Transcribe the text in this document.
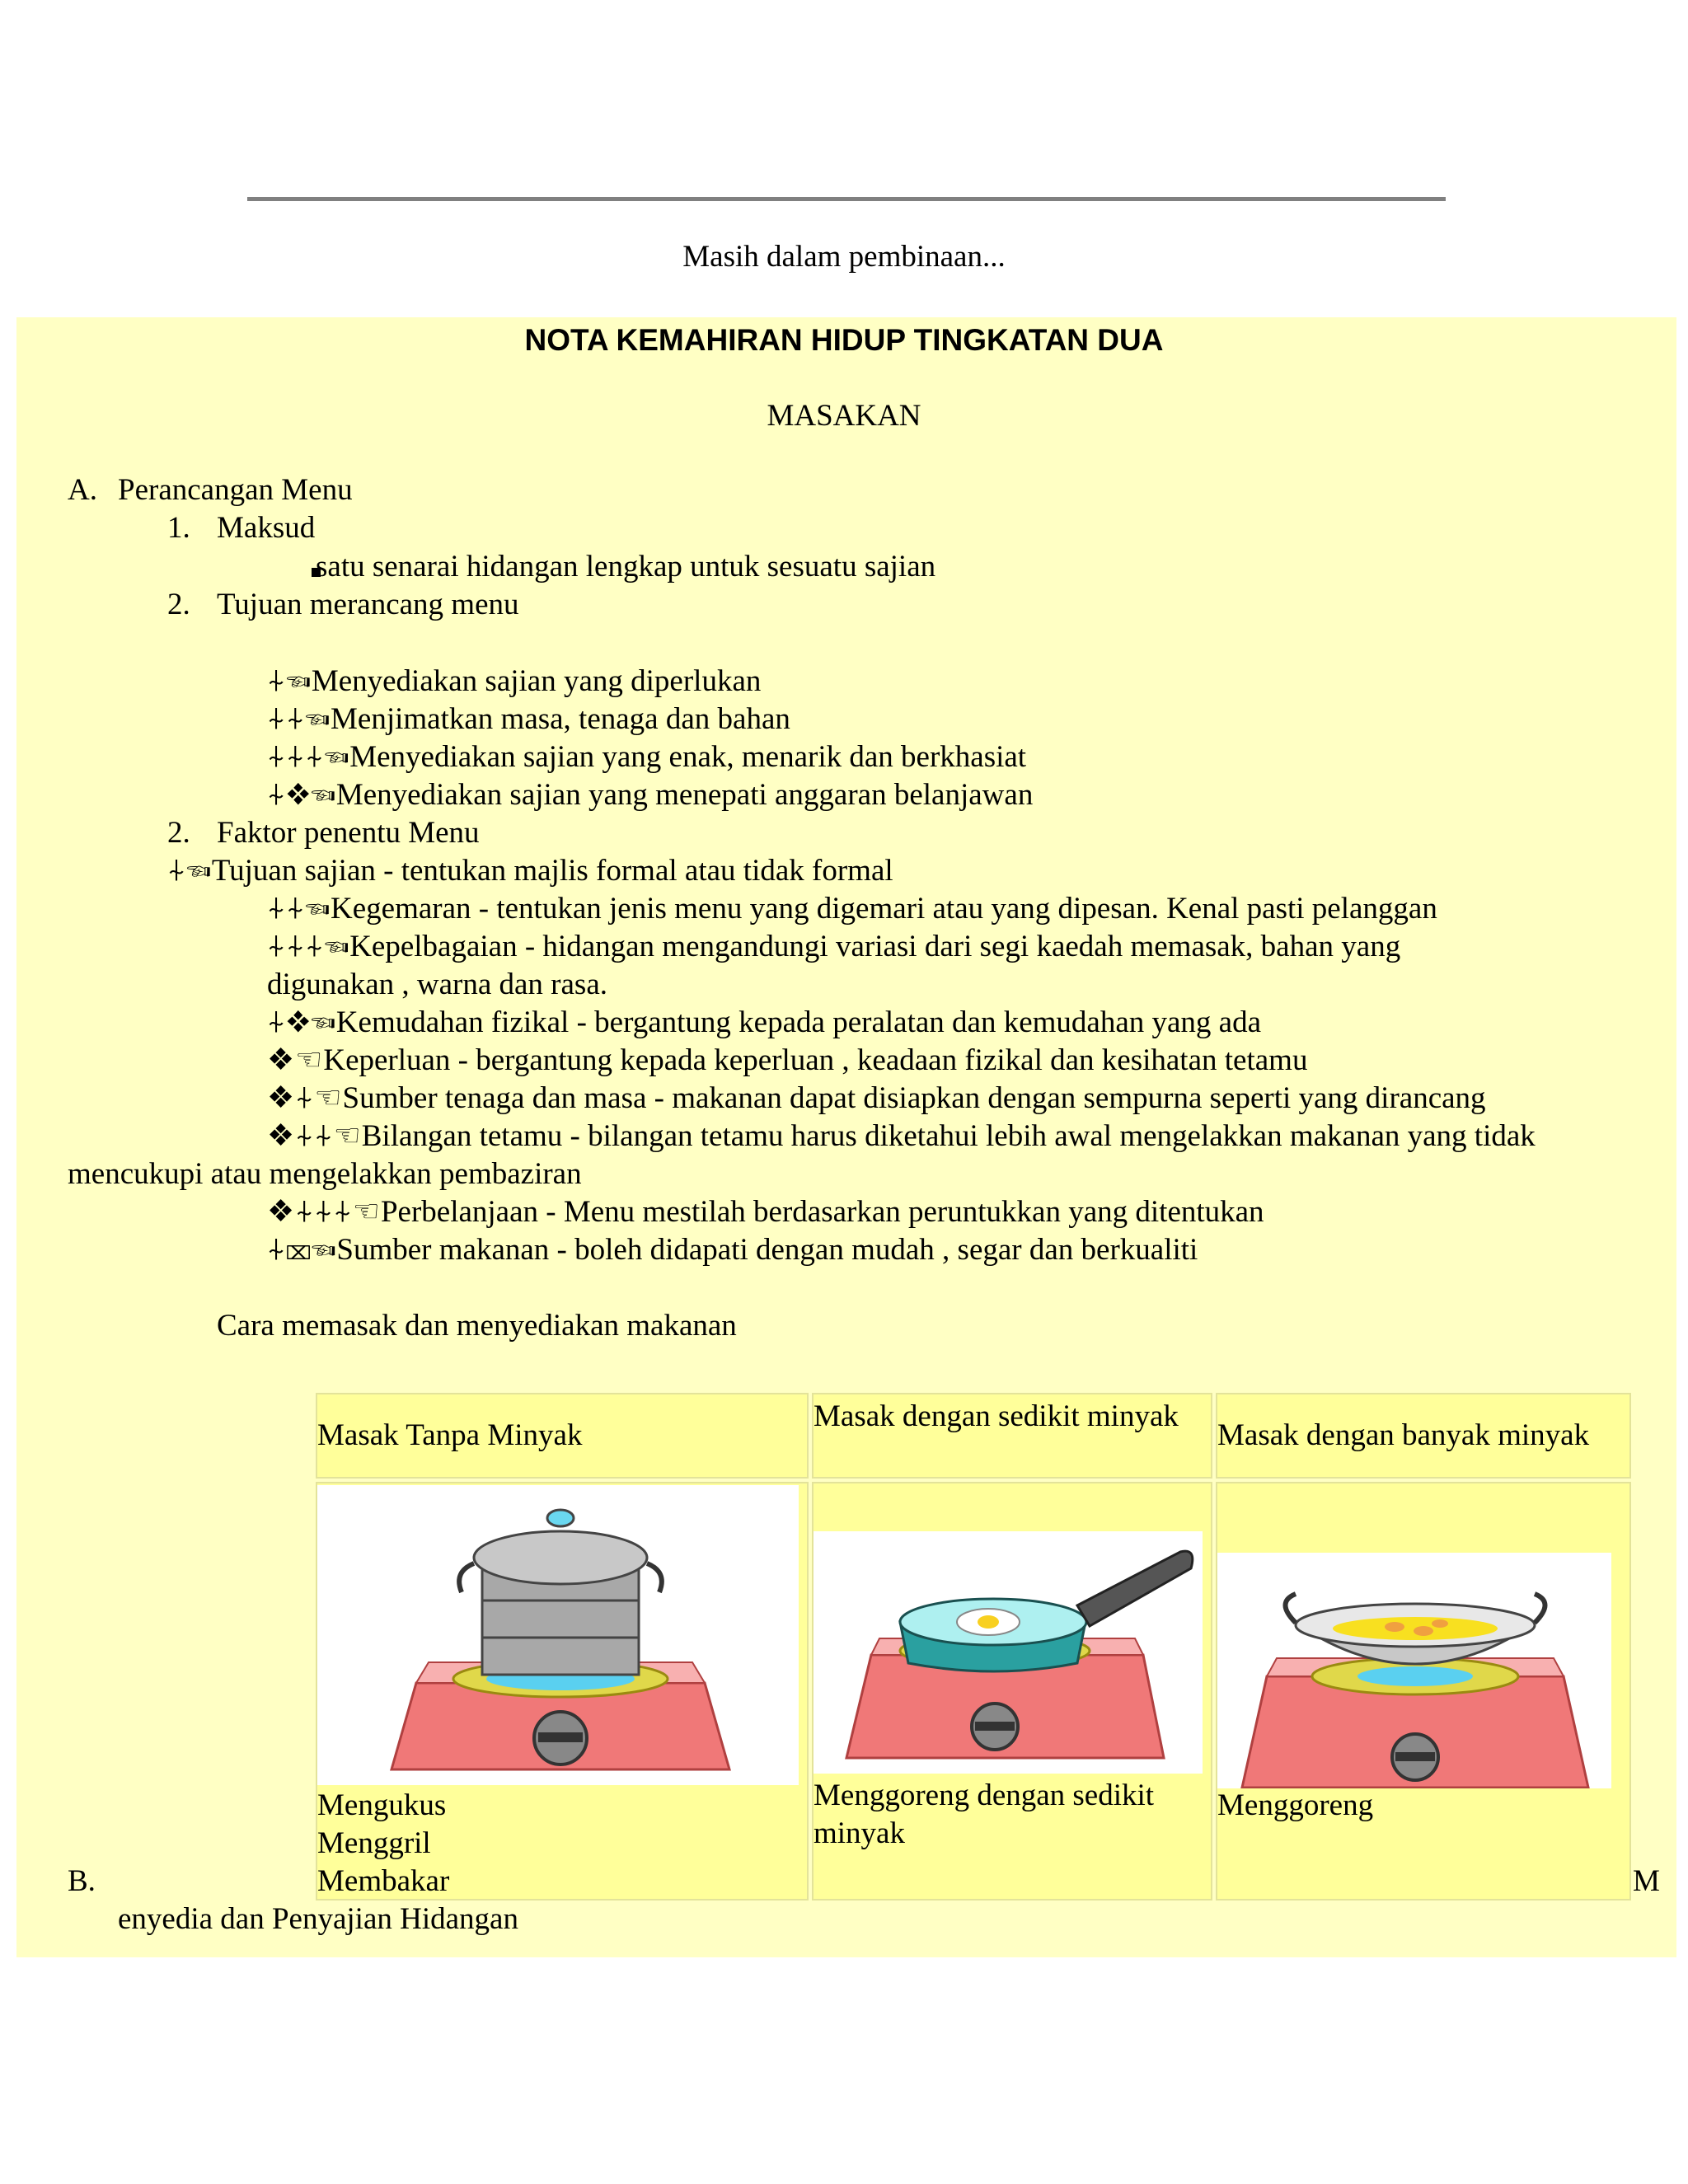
Masih dalam pembinaan...
NOTA KEMAHIRAN HIDUP TINGKATAN DUA
MASAKAN
A. Perancangan Menu
1. Maksud
satu senarai hidangan lengkap untuk sesuatu sajian
2. Tujuan merancang menu
⍭☜Menyediakan sajian yang diperlukan
⍭⍭☜Menjimatkan masa, tenaga dan bahan
⍭⍭⍭☜Menyediakan sajian yang enak, menarik dan berkhasiat
⍭❖☜Menyediakan sajian yang menepati anggaran belanjawan
2. Faktor penentu Menu
⍭☜Tujuan sajian - tentukan majlis formal atau tidak formal
⍭⍭☜Kegemaran - tentukan jenis menu yang digemari atau yang dipesan. Kenal pasti pelanggan
⍭⍭⍭☜Kepelbagaian - hidangan mengandungi variasi dari segi kaedah memasak, bahan yang
digunakan , warna dan rasa.
⍭❖☜Kemudahan fizikal - bergantung kepada peralatan dan kemudahan yang ada
❖☜Keperluan - bergantung kepada keperluan , keadaan fizikal dan kesihatan tetamu
❖⍭☜Sumber tenaga dan masa - makanan dapat disiapkan dengan sempurna seperti yang dirancang
❖⍭⍭☜Bilangan tetamu - bilangan tetamu harus diketahui lebih awal mengelakkan makanan yang tidak
mencukupi atau mengelakkan pembaziran
❖⍭⍭⍭☜Perbelanjaan - Menu mestilah berdasarkan peruntukkan yang ditentukan
⍭⌧☜Sumber makanan - boleh didapati dengan mudah , segar dan berkualiti
Cara memasak dan menyediakan makanan
Masak Tanpa Minyak
Masak dengan sedikit minyak
Masak dengan banyak minyak
Mengukus
Menggril
Membakar
Menggoreng dengan sedikit
minyak
Menggoreng
B.	M
enyedia dan Penyajian Hidangan
